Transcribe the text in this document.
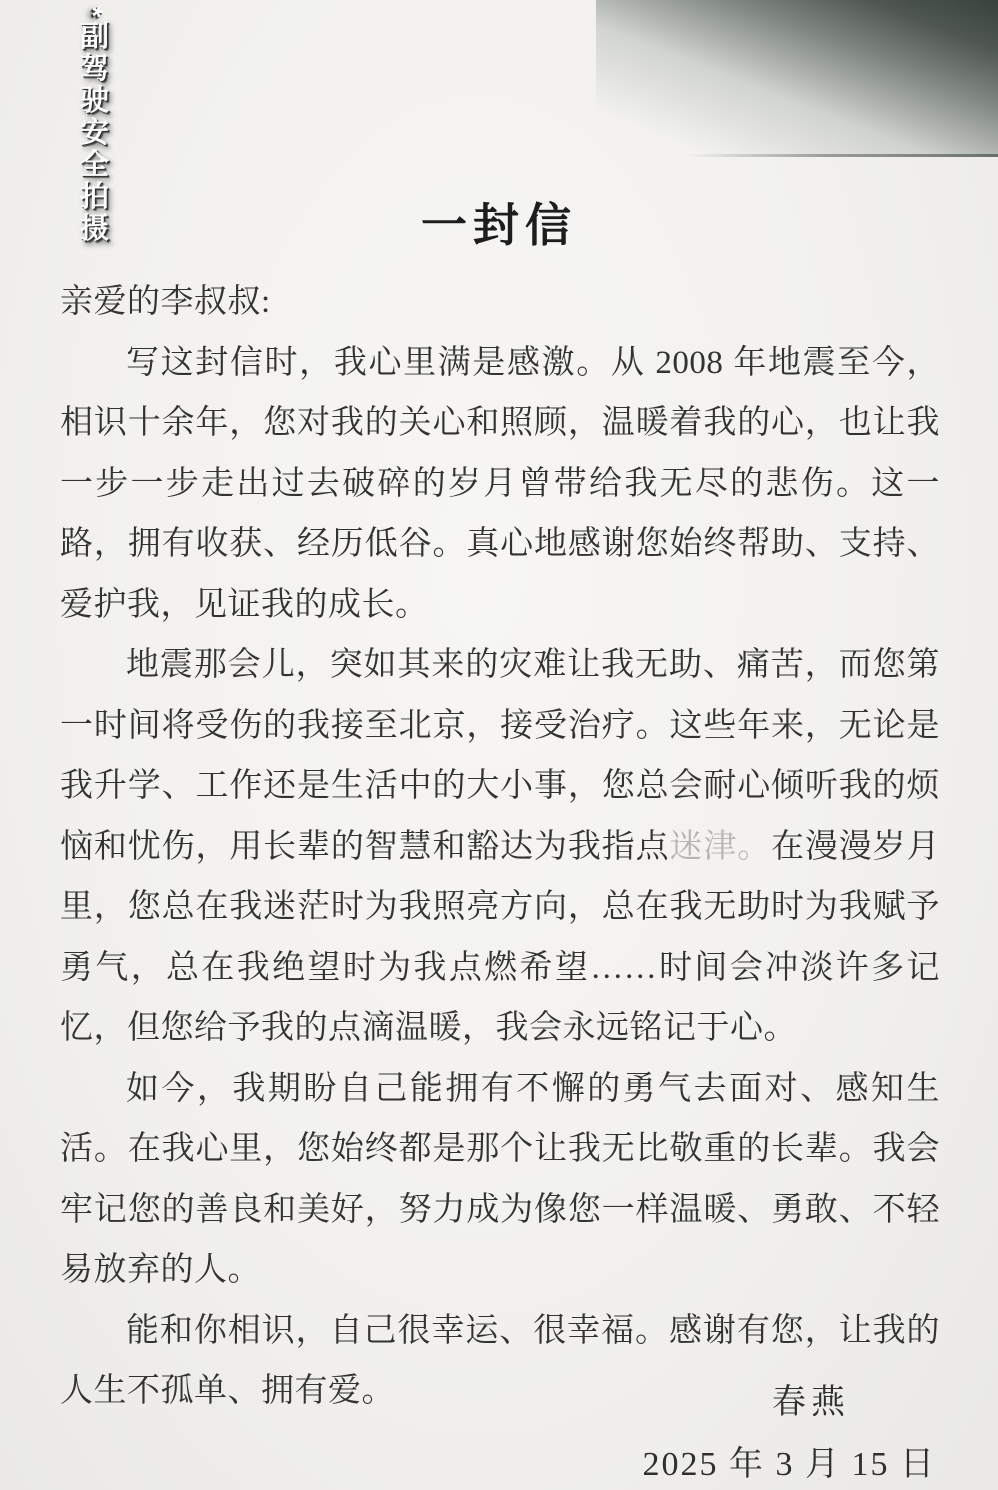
*副驾驶安全拍摄	一封信

亲爱的李叔叔:

写这封信时，我心里满是感激。从 2008 年地震至今，相识十余年，您对我的关心和照顾，温暖着我的心，也让我一步一步走出过去破碎的岁月曾带给我无尽的悲伤。这一路，拥有收获、经历低谷。真心地感谢您始终帮助、支持、爱护我，见证我的成长。

地震那会儿，突如其来的灾难让我无助、痛苦，而您第一时间将受伤的我接至北京，接受治疗。这些年来，无论是我升学、工作还是生活中的大小事，您总会耐心倾听我的烦恼和忧伤，用长辈的智慧和豁达为我指点迷津。在漫漫岁月里，您总在我迷茫时为我照亮方向，总在我无助时为我赋予勇气，总在我绝望时为我点燃希望……时间会冲淡许多记忆，但您给予我的点滴温暖，我会永远铭记于心。

如今，我期盼自己能拥有不懈的勇气去面对、感知生活。在我心里，您始终都是那个让我无比敬重的长辈。我会牢记您的善良和美好，努力成为像您一样温暖、勇敢、不轻易放弃的人。

能和你相识，自己很幸运、很幸福。感谢有您，让我的人生不孤单、拥有爱。	春燕
2025 年 3 月 15 日
